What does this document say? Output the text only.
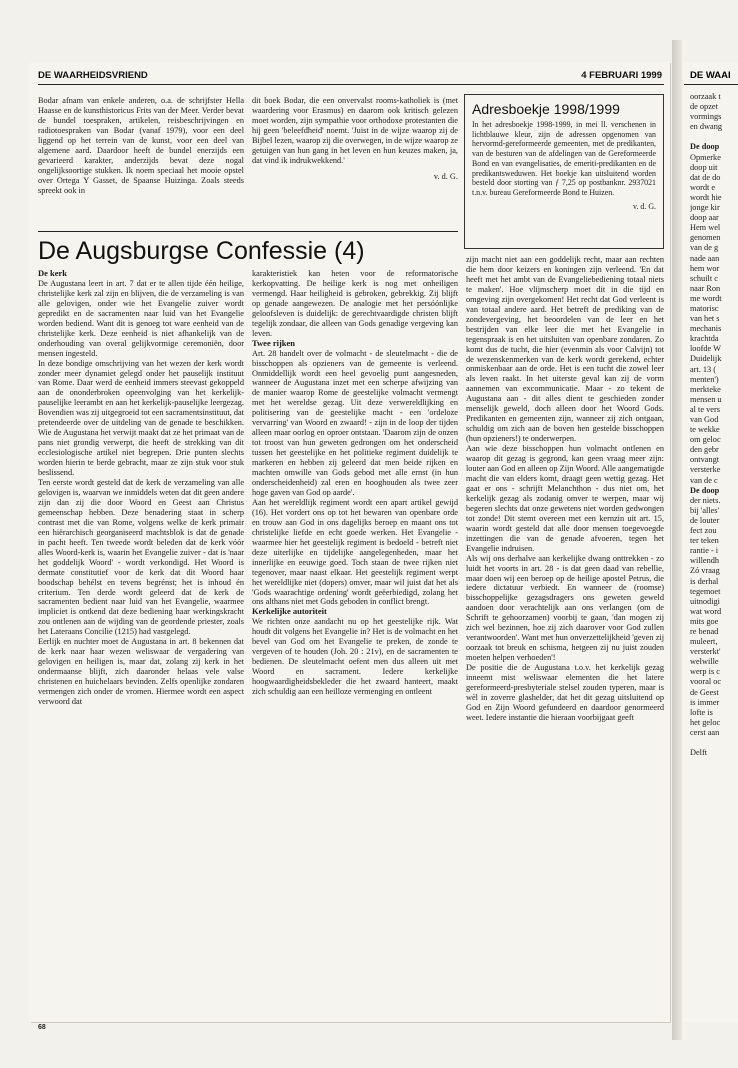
DE WAARHEIDSVRIEND	4 FEBRUARI 1999

Bodar afnam van enkele anderen, o.a. de schrijfster Hella Haasse en de kunsthistoricus Frits van der Meer. Verder bevat de bundel toespraken, artikelen, reisbeschrijvingen en radiotoespraken van Bodar (vanaf 1979), voor een deel liggend op het terrein van de kunst, voor een deel van algemene aard. Daardoor heeft de bundel enerzijds een gevarieerd karakter, anderzijds bevat deze nogal ongelijksoortige stukken. Ik noem speciaal het mooie opstel over Ortega Y Gasset, de Spaanse Huizinga. Zoals steeds spreekt ook in

dit boek Bodar, die een onvervalst rooms-katholiek is (met waardering voor Erasmus) en daarom ook kritisch gelezen moet worden, zijn sympathie voor orthodoxe protestanten die hij geen 'beleefdheid' noemt. 'Juist in de wijze waarop zij de Bijbel lezen, waarop zij die overwegen, in de wijze waarop ze getuigen van hun gang in het leven en hun keuzes maken, ja, dat vind ik indrukwekkend.'

v. d. G.

Adresboekje 1998/1999

In het adresboekje 1998-1999, in mei ll. verschenen in lichtblauwe kleur, zijn de adressen opgenomen van hervormd-gereformeerde gemeenten, met de predikanten, van de besturen van de afdelingen van de Gereformeerde Bond en van evangelisaties, de emeriti-predikanten en de predikantsweduwen. Het boekje kan uitsluitend worden besteld door storting van ƒ 7,25 op postbanknr. 2937021 t.n.v. bureau Gereformeerde Bond te Huizen.

v. d. G.

De Augsburgse Confessie (4)

De kerk

De Augustana leert in art. 7 dat er te allen tijde één heilige, christelijke kerk zal zijn en blijven, die de verzameling is van alle gelovigen, onder wie het Evangelie zuiver wordt gepredikt en de sacramenten naar luid van het Evangelie worden bediend. Want dit is genoeg tot ware eenheid van de christelijke kerk. Deze eenheid is niet afhankelijk van de onderhouding van overal gelijkvormige ceremoniën, door mensen ingesteld.

In deze bondige omschrijving van het wezen der kerk wordt zonder meer dynamiet gelegd onder het pauselijk instituut van Rome. Daar werd de eenheid immers steevast gekoppeld aan de ononderbroken opeenvolging van het kerkelijk-pauselijke leerambt en aan het kerkelijk-pauselijke leergezag. Bovendien was zij uitgegroeid tot een sacramentsinstituut, dat pretendeerde over de uitdeling van de genade te beschikken. Wie de Augustana het verwijt maakt dat ze het primaat van de pans niet grondig verwerpt, die heeft de strekking van dit ecclesiologische artikel niet begrepen. Drie punten slechts worden hierin te berde gebracht, maar ze zijn stuk voor stuk beslissend.

Ten eerste wordt gesteld dat de kerk de verzameling van alle gelovigen is, waarvan we inmiddels weten dat dit geen andere zijn dan zij die door Woord en Geest aan Christus gemeenschap hebben. Deze benadering staat in scherp contrast met die van Rome, volgens welke de kerk primair een hiërarchisch georganiseerd machtsblok is dat de genade in pacht heeft. Ten tweede wordt beleden dat de kerk vóór alles Woord-kerk is, waarin het Evangelie zuiver - dat is 'naar het goddelijk Woord' - wordt verkondigd. Het Woord is dermate constitutief voor de kerk dat dit Woord haar boodschap behélst en tevens begrénst; het is inhoud én criterium. Ten derde wordt geleerd dat de kerk de sacramenten bedient naar luid van het Evangelie, waarmee impliciet is ontkend dat deze bediening haar werkingskracht zou ontlenen aan de wijding van de geordende priester, zoals het Lateraans Concilie (1215) had vastgelegd.

Eerlijk en nuchter moet de Augustana in art. 8 bekennen dat de kerk naar haar wezen weliswaar de vergadering van gelovigen en heiligen is, maar dat, zolang zij kerk in het ondermaanse blijft, zich daaronder helaas vele valse christenen en huichelaars bevinden. Zelfs openlijke zondaren vermengen zich onder de vromen. Hiermee wordt een aspect verwoord dat

karakteristiek kan heten voor de reformatorische kerkopvatting. De heilige kerk is nog met onheiligen vermengd. Haar heiligheid is gebroken, gebrekkig. Zij blijft op genade aangewezen. De analogie met het persóónlijke geloofsleven is duidelijk: de gerechtvaardigde christen blijft tegelijk zondaar, die alleen van Gods genadige vergeving kan leven.

Twee rijken

Art. 28 handelt over de volmacht - de sleutelmacht - die de bisschoppen als opzieners van de gemeente is verleend. Onmiddellijk wordt een heel gevoelig punt aangesneden, wanneer de Augustana inzet met een scherpe afwijzing van de manier waarop Rome de geestelijke volmacht vermengt met het wereldse gezag. Uit deze verwereldlijking en politisering van de geestelijke macht - een 'ordeloze vervarring' van Woord en zwaard! - zijn in de loop der tijden alleen maar oorlog en oproer ontstaan. 'Daarom zijn de onzen tot troost van hun geweten gedrongen om het onderscheid tussen het geestelijke en het politieke regiment duidelijk te markeren en hebben zij geleerd dat men beide rijken en machten omwille van Gods gebod met alle ernst (in hun onderscheidenheid) zal eren en hooghouden als twee zeer hoge gaven van God op aarde'.

Aan het wereldlijk regiment wordt een apart artikel gewijd (16). Het vordert ons op tot het bewaren van openbare orde en trouw aan God in ons dagelijks beroep en maant ons tot christelijke liefde en echt goede werken. Het Evangelie - waarmee hier het geestelijk regiment is bedoeld - betreft niet deze uiterlijke en tijdelijke aangelegenheden, maar het innerlijke en eeuwige goed. Toch staan de twee rijken niet tegenover, maar naast elkaar. Het geestelijk regiment werpt het wereldlijke niet (dopers) omver, maar wil juist dat het als 'Gods waarachtige ordening' wordt geëerbiedigd, zolang het ons althans niet met Gods geboden in conflict brengt.

Kerkelijke autoriteit

We richten onze aandacht nu op het geestelijke rijk. Wat houdt dit volgens het Evangelie in? Het is de volmacht en het bevel van God om het Evangelie te preken, de zonde te vergeven of te houden (Joh. 20 : 21v), en de sacramenten te bedienen. De sleutelmacht oefent men dus alleen uit met Woord en sacrament. Iedere kerkelijke hoogwaardigheidsbekleder die het zwaard hanteert, maakt zich schuldig aan een heilloze vermenging en ontleent

zijn macht niet aan een goddelijk recht, maar aan rechten die hem door keizers en koningen zijn verleend. 'En dat heeft met het ambt van de Evangeliebediening totaal niets te maken'. Hoe vlijmscherp moet dit in die tijd en omgeving zijn overgekomen! Het recht dat God verleent is van totaal andere aard. Het betreft de prediking van de zondevergeving, het beoordelen van de leer en het bestrijden van elke leer die met het Evangelie in tegenspraak is en het uitsluiten van openbare zondaren. Zo komt dus de tucht, die hier (evenmin als voor Calvijn) tot de wezenskenmerken van de kerk wordt gerekend, echter onmiskenbaar aan de orde. Het is een tucht die zowel leer als leven raakt. In het uiterste geval kan zij de vorm aannemen van excommunicatie. Maar - zo tekent de Augustana aan - dit alles dient te geschieden zonder menselijk geweld, doch alleen door het Woord Gods. Predikanten en gemeenten zijn, wanneer zij zich ontgaan, schuldig om zich aan de boven hen gestelde bisschoppen (hun opzieners!) te onderwerpen.

Aan wie deze bisschoppen hun volmacht ontlenen en waarop dit gezag is gegrond, kan geen vraag meer zijn: louter aan God en alleen op Zijn Woord. Alle aangematigde macht die van elders komt, draagt geen wettig gezag. Het gaat er ons - schrijft Melanchthon - dus niet om, het kerkelijk gezag als zodanig omver te werpen, maar wij begeren slechts dat onze gewetens niet worden gedwongen tot zonde! Dit stemt overeen met een kernzin uit art. 15, waarin wordt gesteld dat alle door mensen toegevoegde inzettingen die van de genade afvoeren, tegen het Evangelie indruisen.

Als wij ons derhalve aan kerkelijke dwang onttrekken - zo luidt het voorts in art. 28 - is dat geen daad van rebellie, maar doen wij een beroep op de heilige apostel Petrus, die iedere dictatuur verbiedt. En wanneer de (roomse) bisschoppelijke gezagsdragers ons geweten geweld aandoen door verachtelijk aan ons verlangen (om de Schrift te gehoorzamen) voorbij te gaan, 'dan mogen zij zich wel bezinnen, hoe zij zich daarover voor God zullen verantwoorden'. Want met hun onverzettelijkheid 'geven zij oorzaak tot breuk en schisma, hetgeen zij nu juist zouden moeten helpen verhoeden'!

De positie die de Augustana t.o.v. het kerkelijk gezag inneemt mist weliswaar elementen die het latere gereformeerd-presbyteriale stelsel zouden typeren, maar is wèl in zoverre glashelder, dat het dit gezag uitsluitend op God en Zijn Woord gefundeerd en daardoor genormeerd weet. Iedere instantie die hieraan voorbijgaat geeft

68
DE WAAI
oorzaak t
de opzet
vormings
en dwang

De doop
Opmerke
doop uit
dat de do
wordt e
wordt hie
jonge kir
doop aar
Hem wel
genomen
van de g
nade aan
hem wor
schuilt c
naar Ron
me wordt
matorisc
van het s
mechanis
krachtda
loofde W
Duidelijk
art. 13 (
menten')
merkteke
mensen u
al te vers
van God
te wekke
om geloc
den gebr
ontvangt
versterke
van de c
De doop
der niets.
bij 'alles'
de louter
fect zou
ter teken
rantie - i
willendh
Zó vraag
is derhal
tegemoet
uitnodigi
wat word
mits goe
re benad
muleert,
versterkt'
welwille
werp is c
vooral oc
de Geest
is immer
lofte is
het geloc
cerst aan

Delft
